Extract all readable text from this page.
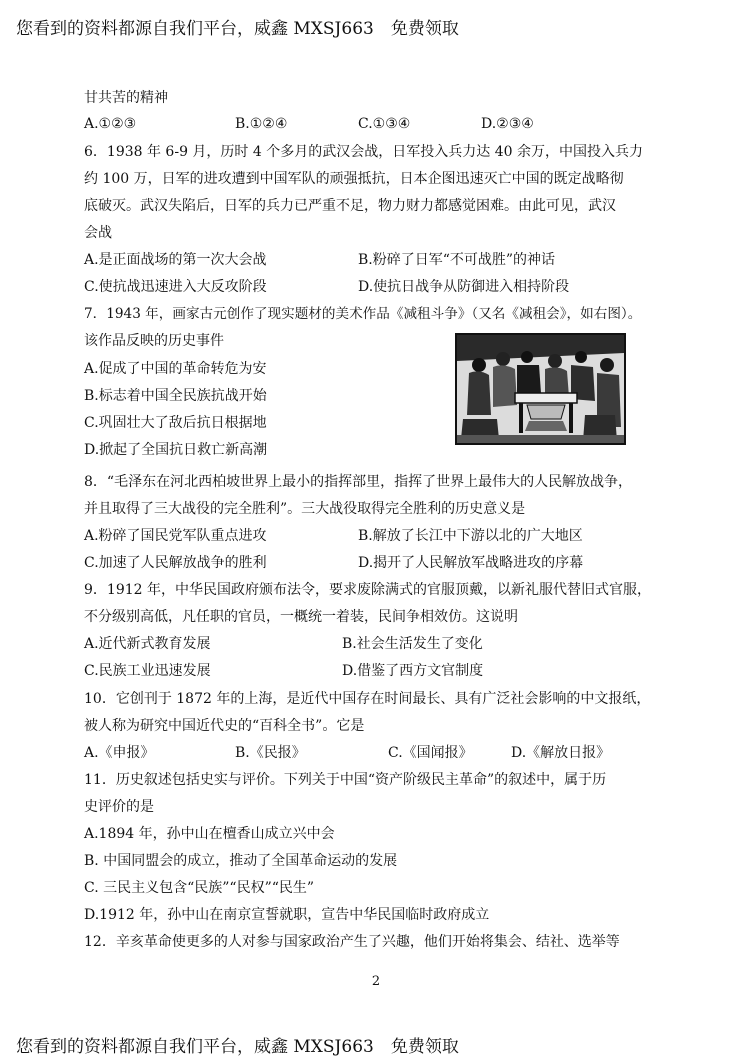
您看到的资料都源自我们平台，威鑫 MXSJ663　免费领取
甘共苦的精神
A.①②③	B.①②④	C.①③④	D.②③④
6．1938 年 6-9 月，历时 4 个多月的武汉会战，日军投入兵力达 40 余万，中国投入兵力
约 100 万，日军的进攻遭到中国军队的顽强抵抗，日本企图迅速灭亡中国的既定战略彻
底破灭。武汉失陷后，日军的兵力已严重不足，物力财力都感觉困难。由此可见，武汉
会战
A.是正面战场的第一次大会战	B.粉碎了日军“不可战胜”的神话
C.使抗战迅速进入大反攻阶段	D.使抗日战争从防御进入相持阶段
7．1943 年，画家古元创作了现实题材的美术作品《减租斗争》（又名《减租会》，如右图）。
该作品反映的历史事件
A.促成了中国的革命转危为安
B.标志着中国全民族抗战开始
C.巩固壮大了敌后抗日根据地
D.掀起了全国抗日救亡新高潮
8．“毛泽东在河北西柏坡世界上最小的指挥部里，指挥了世界上最伟大的人民解放战争，
并且取得了三大战役的完全胜利”。三大战役取得完全胜利的历史意义是
A.粉碎了国民党军队重点进攻	B.解放了长江中下游以北的广大地区
C.加速了人民解放战争的胜利	D.揭开了人民解放军战略进攻的序幕
9．1912 年，中华民国政府颁布法令，要求废除满式的官服顶戴，以新礼服代替旧式官服，
不分级别高低，凡任职的官员，一概统一着装，民间争相效仿。这说明
A.近代新式教育发展	B.社会生活发生了变化
C.民族工业迅速发展	D.借鉴了西方文官制度
10．它创刊于 1872 年的上海，是近代中国存在时间最长、具有广泛社会影响的中文报纸，
被人称为研究中国近代史的“百科全书”。它是
A.《申报》	B.《民报》	C.《国闻报》	D.《解放日报》
11．历史叙述包括史实与评价。下列关于中国“资产阶级民主革命”的叙述中，属于历
史评价的是
A.1894 年，孙中山在檀香山成立兴中会
B. 中国同盟会的成立，推动了全国革命运动的发展
C. 三民主义包含“民族”“民权”“民生”
D.1912 年，孙中山在南京宣誓就职，宣告中华民国临时政府成立
12．辛亥革命使更多的人对参与国家政治产生了兴趣，他们开始将集会、结社、选举等
2
您看到的资料都源自我们平台，威鑫 MXSJ663　免费领取
